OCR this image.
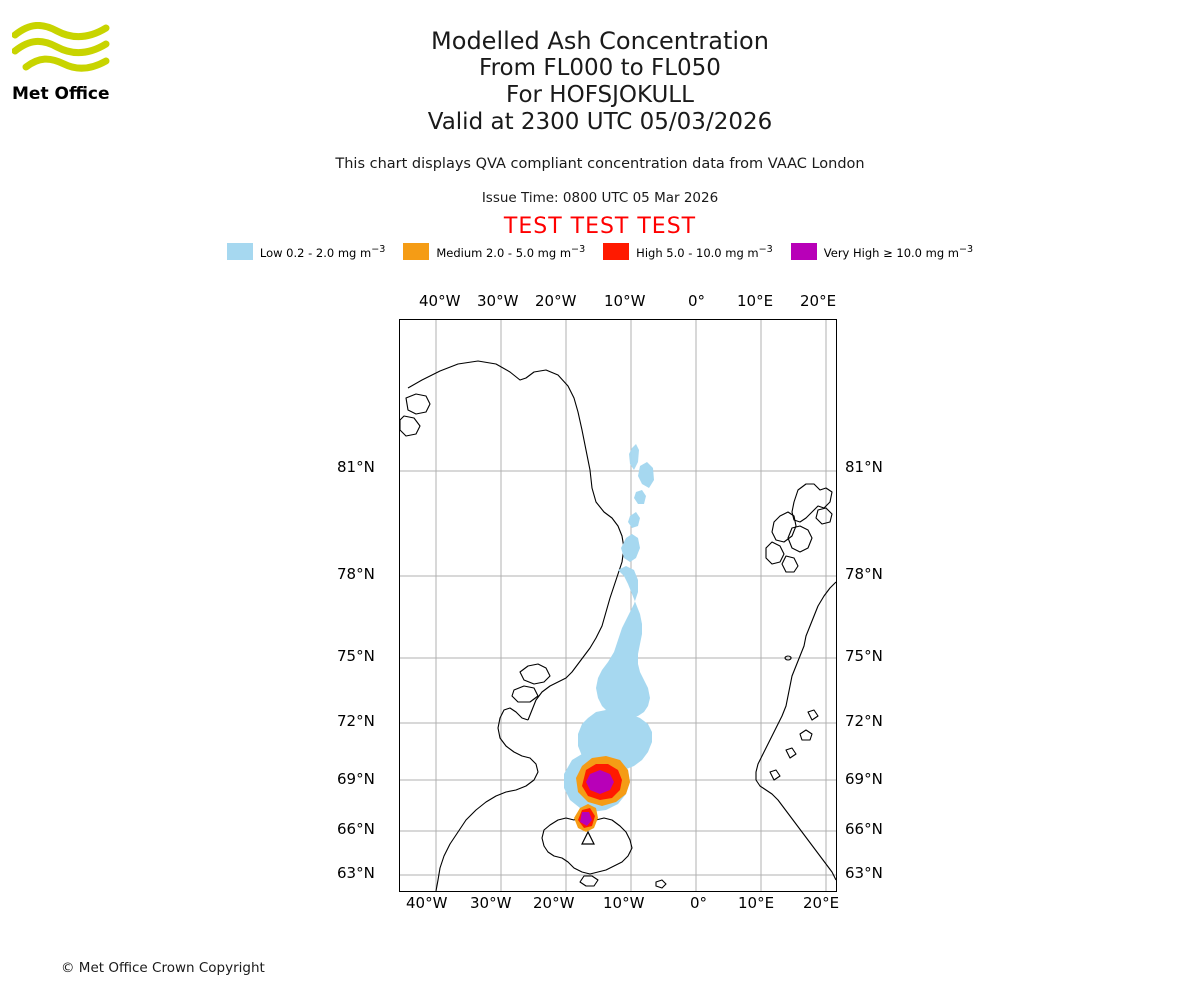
Met Office
Modelled Ash Concentration
From FL000 to FL050
For HOFSJOKULL
Valid at 2300 UTC 05/03/2026
This chart displays QVA compliant concentration data from VAAC London
Issue Time: 0800 UTC 05 Mar 2026
TEST TEST TEST
Low 0.2 - 2.0 mg $m^{-3}$	Medium 2.0 - 5.0 mg $m^{-3}$	High 5.0 - 10.0 mg $m^{-3}$	Very High ≥ 10.0 mg $m^{-3}$
40°W 30°W 20°W 10°W	0° 10°E 20°E
40°W 30°W 20°W 10°W	0° 10°E 20°E
81°N
78°N
75°N
72°N
69°N
66°N
63°N
81°N
78°N
75°N
72°N
69°N
66°N
63°N
© Met Office Crown Copyright
